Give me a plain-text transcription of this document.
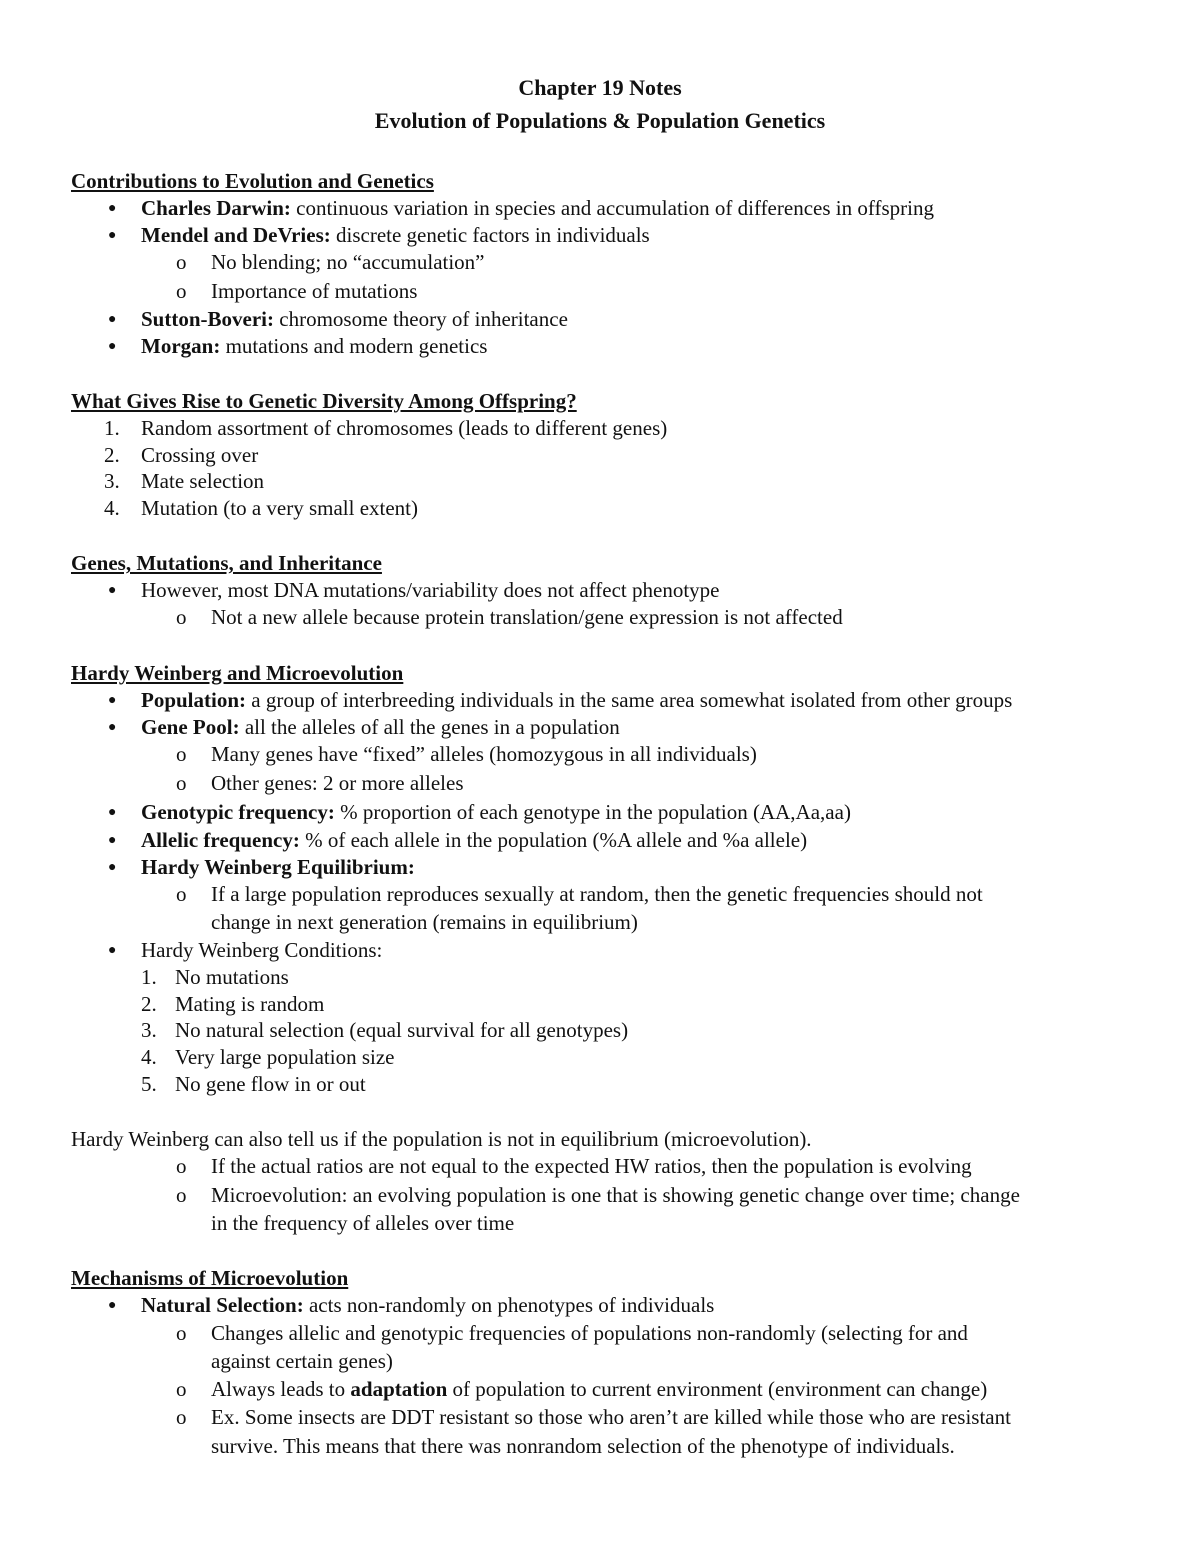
Chapter 19 Notes
Evolution of Populations & Population Genetics
Contributions to Evolution and Genetics
● Charles Darwin: continuous variation in species and accumulation of differences in offspring
● Mendel and DeVries: discrete genetic factors in individuals
o No blending; no “accumulation”
o Importance of mutations
● Sutton-Boveri: chromosome theory of inheritance
● Morgan: mutations and modern genetics
What Gives Rise to Genetic Diversity Among Offspring?
1. Random assortment of chromosomes (leads to different genes)
2. Crossing over
3. Mate selection
4. Mutation (to a very small extent)
Genes, Mutations, and Inheritance
● However, most DNA mutations/variability does not affect phenotype
o Not a new allele because protein translation/gene expression is not affected
Hardy Weinberg and Microevolution
● Population: a group of interbreeding individuals in the same area somewhat isolated from other groups
● Gene Pool: all the alleles of all the genes in a population
o Many genes have “fixed” alleles (homozygous in all individuals)
o Other genes: 2 or more alleles
● Genotypic frequency: % proportion of each genotype in the population (AA,Aa,aa)
● Allelic frequency: % of each allele in the population (%A allele and %a allele)
● Hardy Weinberg Equilibrium:
o If a large population reproduces sexually at random, then the genetic frequencies should not
change in next generation (remains in equilibrium)
● Hardy Weinberg Conditions:
1. No mutations
2. Mating is random
3. No natural selection (equal survival for all genotypes)
4. Very large population size
5. No gene flow in or out
Hardy Weinberg can also tell us if the population is not in equilibrium (microevolution).
o If the actual ratios are not equal to the expected HW ratios, then the population is evolving
o Microevolution: an evolving population is one that is showing genetic change over time; change
in the frequency of alleles over time
Mechanisms of Microevolution
● Natural Selection: acts non-randomly on phenotypes of individuals
o Changes allelic and genotypic frequencies of populations non-randomly (selecting for and
against certain genes)
o Always leads to adaptation of population to current environment (environment can change)
o Ex. Some insects are DDT resistant so those who aren’t are killed while those who are resistant
survive. This means that there was nonrandom selection of the phenotype of individuals.
